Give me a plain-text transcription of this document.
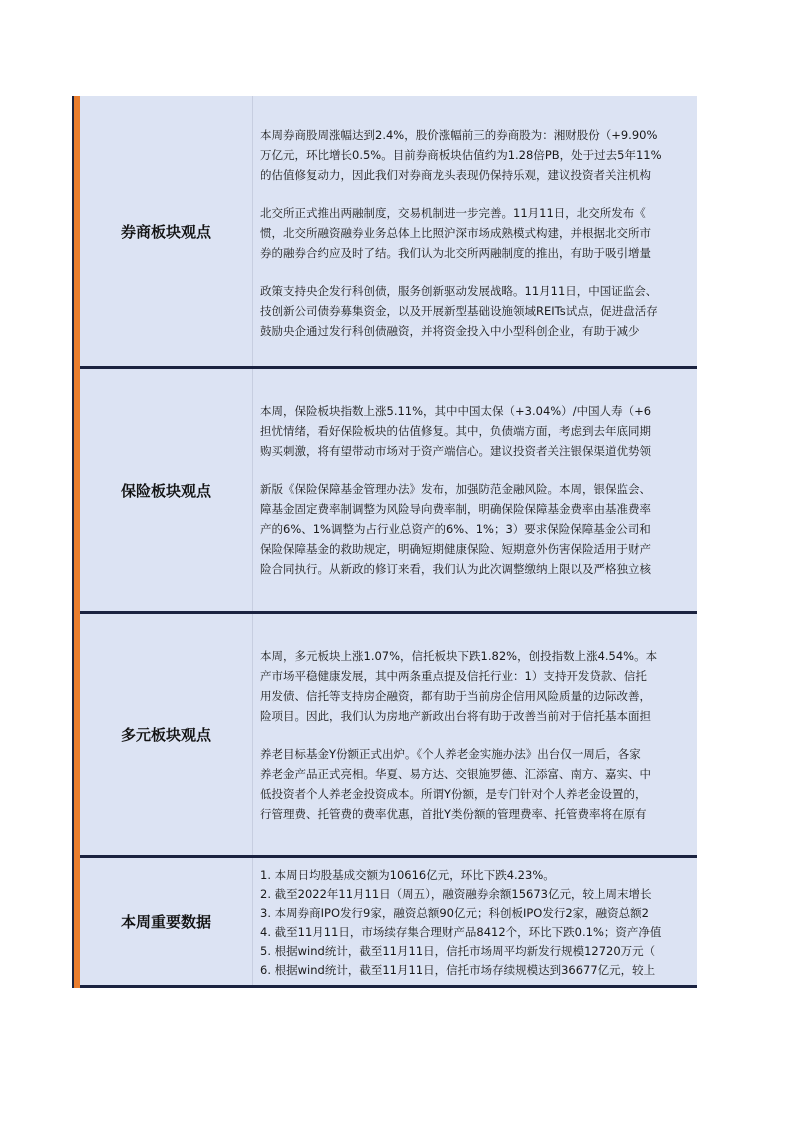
券商板块观点
本周券商股周涨幅达到2.4%，股价涨幅前三的券商股为：湘财股份（+9.90%
万亿元，环比增长0.5%。目前券商板块估值约为1.28倍PB，处于过去5年11%
的估值修复动力，因此我们对券商龙头表现仍保持乐观，建议投资者关注机构
北交所正式推出两融制度，交易机制进一步完善。11月11日，北交所发布《
惯，北交所融资融券业务总体上比照沪深市场成熟模式构建，并根据北交所市
券的融券合约应及时了结。我们认为北交所两融制度的推出，有助于吸引增量
政策支持央企发行科创债，服务创新驱动发展战略。11月11日，中国证监会、
技创新公司债券募集资金，以及开展新型基础设施领域REITs试点，促进盘活存
鼓励央企通过发行科创债融资，并将资金投入中小型科创企业，有助于减少
保险板块观点
本周，保险板块指数上涨5.11%，其中中国太保（+3.04%）/中国人寿（+6
担忧情绪，看好保险板块的估值修复。其中，负债端方面，考虑到去年底同期
购买刺激，将有望带动市场对于资产端信心。建议投资者关注银保渠道优势领
新版《保险保障基金管理办法》发布，加强防范金融风险。本周，银保监会、
障基金固定费率制调整为风险导向费率制，明确保险保障基金费率由基准费率
产的6%、1%调整为占行业总资产的6%、1%；3）要求保险保障基金公司和
保险保障基金的救助规定，明确短期健康保险、短期意外伤害保险适用于财产
险合同执行。从新政的修订来看，我们认为此次调整缴纳上限以及严格独立核
多元板块观点
本周，多元板块上涨1.07%，信托板块下跌1.82%，创投指数上涨4.54%。本
产市场平稳健康发展，其中两条重点提及信托行业：1）支持开发贷款、信托
用发债、信托等支持房企融资，都有助于当前房企信用风险质量的边际改善，
险项目。因此，我们认为房地产新政出台将有助于改善当前对于信托基本面担
养老目标基金Y份额正式出炉。《个人养老金实施办法》出台仅一周后，各家
养老金产品正式亮相。华夏、易方达、交银施罗德、汇添富、南方、嘉实、中
低投资者个人养老金投资成本。所谓Y份额，是专门针对个人养老金设置的，
行管理费、托管费的费率优惠，首批Y类份额的管理费率、托管费率将在原有
本周重要数据
1. 本周日均股基成交额为10616亿元，环比下跌4.23%。
2. 截至2022年11月11日（周五），融资融券余额15673亿元，较上周末增长
3. 本周券商IPO发行9家，融资总额90亿元；科创板IPO发行2家，融资总额2
4. 截至11月11日，市场续存集合理财产品8412个，环比下跌0.1%；资产净值
5. 根据wind统计，截至11月11日，信托市场周平均新发行规模12720万元（
6. 根据wind统计，截至11月11日，信托市场存续规模达到36677亿元，较上
